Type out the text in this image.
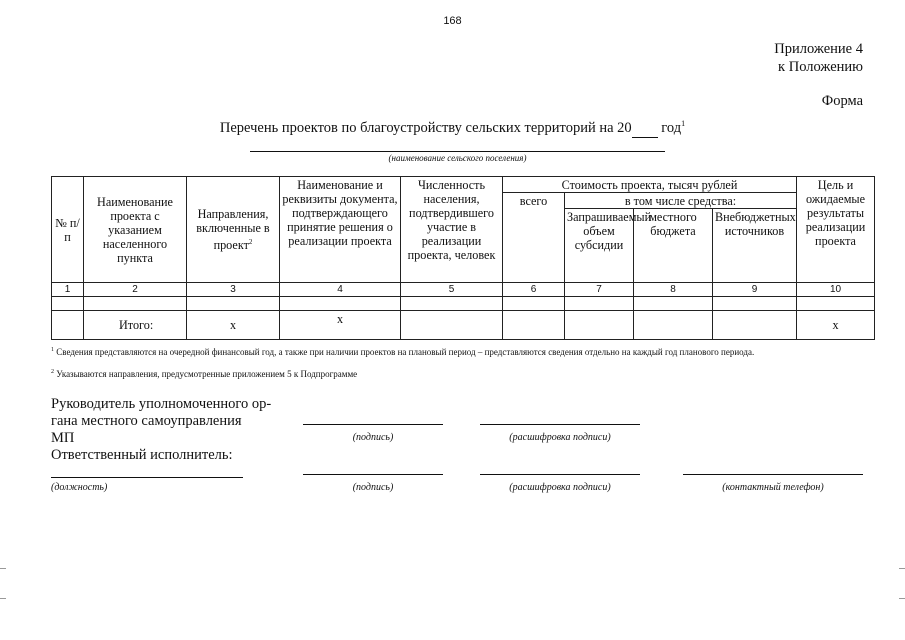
168
Приложение 4
к Положению
Форма
Перечень проектов по благоустройству сельских территорий на 20  год$^1$
(наименование сельского поселения)
№ п/п	Наименование проекта с указанием населенного пункта	Направления, включенные в проект$^2$	Наименование и реквизиты документа, подтверждающего принятие решения о реализации проекта	Численность населения, подтвердившего участие в реализации проекта, человек	Стоимость проекта, тысяч рублей				Цель и ожидаемые результаты реализации проекта
					всего	в том числе средства:			
						Запрашиваемый объем субсидии	местного бюджета	Внебюджетных источников	
1	2	3	4	5	6	7	8	9	10

	Итого:	x	x						x
$^1$ Сведения представляются на очередной финансовый год, а также при наличии проектов на плановый период – представляются сведения отдельно на каждый год планового периода.
$^2$ Указываются направления, предусмотренные приложением 5 к Подпрограмме
Руководитель уполномоченного ор-
гана местного самоуправления
МП
Ответственный исполнитель:
(подпись)	(расшифровка подписи)
(должность)	(подпись)	(расшифровка подписи)	(контактный телефон)
